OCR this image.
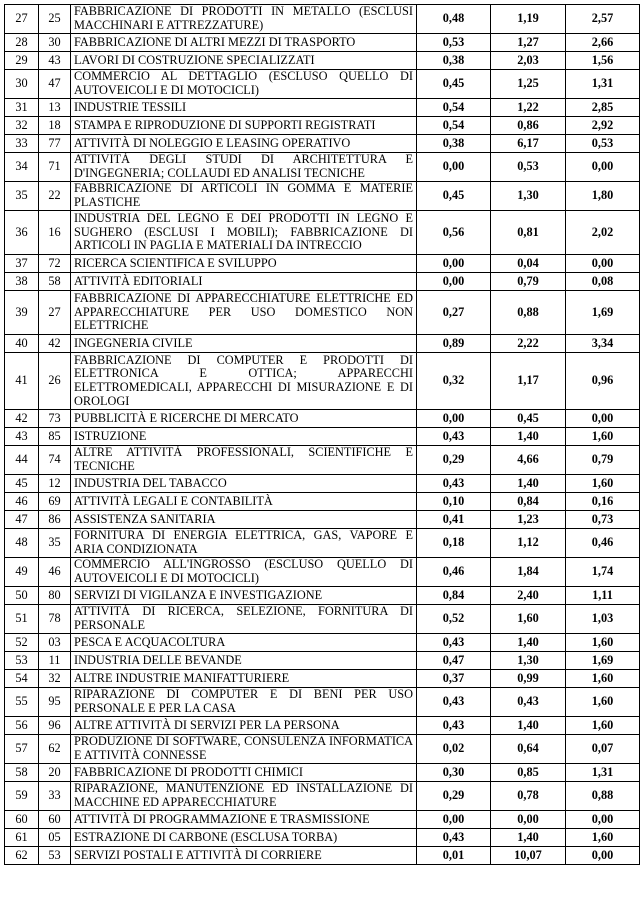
27	25	FABBRICAZIONE DI PRODOTTI IN METALLO (ESCLUSI MACCHINARI E ATTREZZATURE)	0,48	1,19	2,57
28	30	FABBRICAZIONE DI ALTRI MEZZI DI TRASPORTO	0,53	1,27	2,66
29	43	LAVORI DI COSTRUZIONE SPECIALIZZATI	0,38	2,03	1,56
30	47	COMMERCIO AL DETTAGLIO (ESCLUSO QUELLO DI AUTOVEICOLI E DI MOTOCICLI)	0,45	1,25	1,31
31	13	INDUSTRIE TESSILI	0,54	1,22	2,85
32	18	STAMPA E RIPRODUZIONE DI SUPPORTI REGISTRATI	0,54	0,86	2,92
33	77	ATTIVITÀ DI NOLEGGIO E LEASING OPERATIVO	0,38	6,17	0,53
34	71	ATTIVITÀ DEGLI STUDI DI ARCHITETTURA E D'INGEGNERIA; COLLAUDI ED ANALISI TECNICHE	0,00	0,53	0,00
35	22	FABBRICAZIONE DI ARTICOLI IN GOMMA E MATERIE PLASTICHE	0,45	1,30	1,80
36	16	INDUSTRIA DEL LEGNO E DEI PRODOTTI IN LEGNO E SUGHERO (ESCLUSI I MOBILI); FABBRICAZIONE DI ARTICOLI IN PAGLIA E MATERIALI DA INTRECCIO	0,56	0,81	2,02
37	72	RICERCA SCIENTIFICA E SVILUPPO	0,00	0,04	0,00
38	58	ATTIVITÀ EDITORIALI	0,00	0,79	0,08
39	27	FABBRICAZIONE DI APPARECCHIATURE ELETTRICHE ED APPARECCHIATURE PER USO DOMESTICO NON ELETTRICHE	0,27	0,88	1,69
40	42	INGEGNERIA CIVILE	0,89	2,22	3,34
41	26	FABBRICAZIONE DI COMPUTER E PRODOTTI DI ELETTRONICA E OTTICA; APPARECCHI ELETTROMEDICALI, APPARECCHI DI MISURAZIONE E DI OROLOGI	0,32	1,17	0,96
42	73	PUBBLICITÀ E RICERCHE DI MERCATO	0,00	0,45	0,00
43	85	ISTRUZIONE	0,43	1,40	1,60
44	74	ALTRE ATTIVITÀ PROFESSIONALI, SCIENTIFICHE E TECNICHE	0,29	4,66	0,79
45	12	INDUSTRIA DEL TABACCO	0,43	1,40	1,60
46	69	ATTIVITÀ LEGALI E CONTABILITÀ	0,10	0,84	0,16
47	86	ASSISTENZA SANITARIA	0,41	1,23	0,73
48	35	FORNITURA DI ENERGIA ELETTRICA, GAS, VAPORE E ARIA CONDIZIONATA	0,18	1,12	0,46
49	46	COMMERCIO ALL'INGROSSO (ESCLUSO QUELLO DI AUTOVEICOLI E DI MOTOCICLI)	0,46	1,84	1,74
50	80	SERVIZI DI VIGILANZA E INVESTIGAZIONE	0,84	2,40	1,11
51	78	ATTIVITÀ DI RICERCA, SELEZIONE, FORNITURA DI PERSONALE	0,52	1,60	1,03
52	03	PESCA E ACQUACOLTURA	0,43	1,40	1,60
53	11	INDUSTRIA DELLE BEVANDE	0,47	1,30	1,69
54	32	ALTRE INDUSTRIE MANIFATTURIERE	0,37	0,99	1,60
55	95	RIPARAZIONE DI COMPUTER E DI BENI PER USO PERSONALE E PER LA CASA	0,43	0,43	1,60
56	96	ALTRE ATTIVITÀ DI SERVIZI PER LA PERSONA	0,43	1,40	1,60
57	62	PRODUZIONE DI SOFTWARE, CONSULENZA INFORMATICA E ATTIVITÀ CONNESSE	0,02	0,64	0,07
58	20	FABBRICAZIONE DI PRODOTTI CHIMICI	0,30	0,85	1,31
59	33	RIPARAZIONE, MANUTENZIONE ED INSTALLAZIONE DI MACCHINE ED APPARECCHIATURE	0,29	0,78	0,88
60	60	ATTIVITÀ DI PROGRAMMAZIONE E TRASMISSIONE	0,00	0,00	0,00
61	05	ESTRAZIONE DI CARBONE (ESCLUSA TORBA)	0,43	1,40	1,60
62	53	SERVIZI POSTALI E ATTIVITÀ DI CORRIERE	0,01	10,07	0,00
